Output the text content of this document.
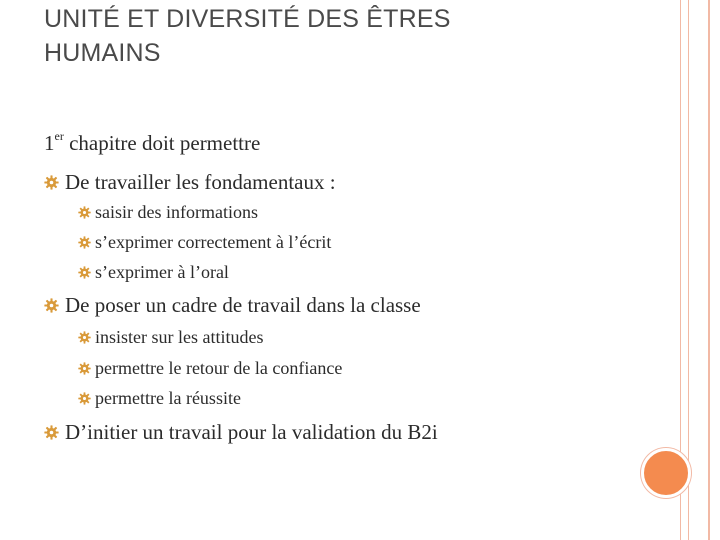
UNITÉ ET DIVERSITÉ DES ÊTRES
HUMAINS
1er chapitre doit permettre
De travailler les fondamentaux :
saisir des informations
s’exprimer correctement à l’écrit
s’exprimer à l’oral
De poser un cadre de travail dans la classe
insister sur les attitudes
permettre le retour de la confiance
permettre la réussite
D’initier un travail pour la validation du B2i
